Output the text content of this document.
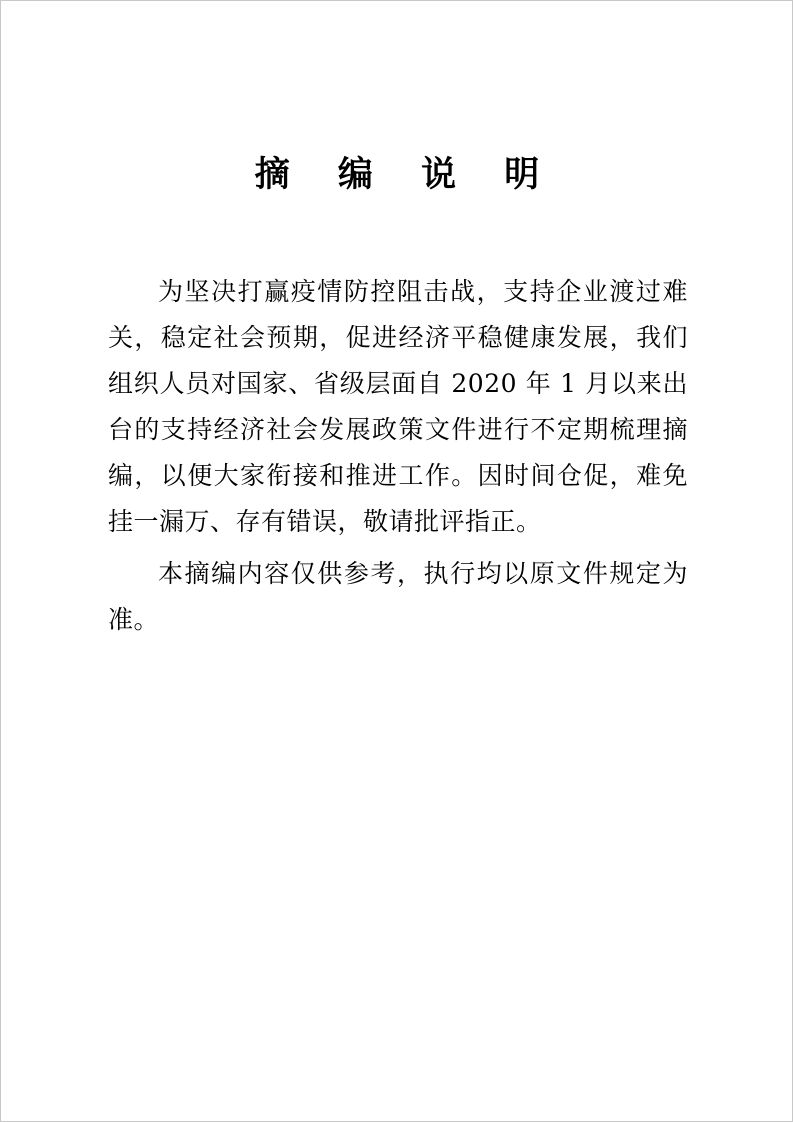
摘 编 说 明

为坚决打赢疫情防控阻击战，支持企业渡过难关，稳定社会预期，促进经济平稳健康发展，我们组织人员对国家、省级层面自 2020 年 1 月以来出台的支持经济社会发展政策文件进行不定期梳理摘编，以便大家衔接和推进工作。因时间仓促，难免挂一漏万、存有错误，敬请批评指正。

本摘编内容仅供参考，执行均以原文件规定为准。
